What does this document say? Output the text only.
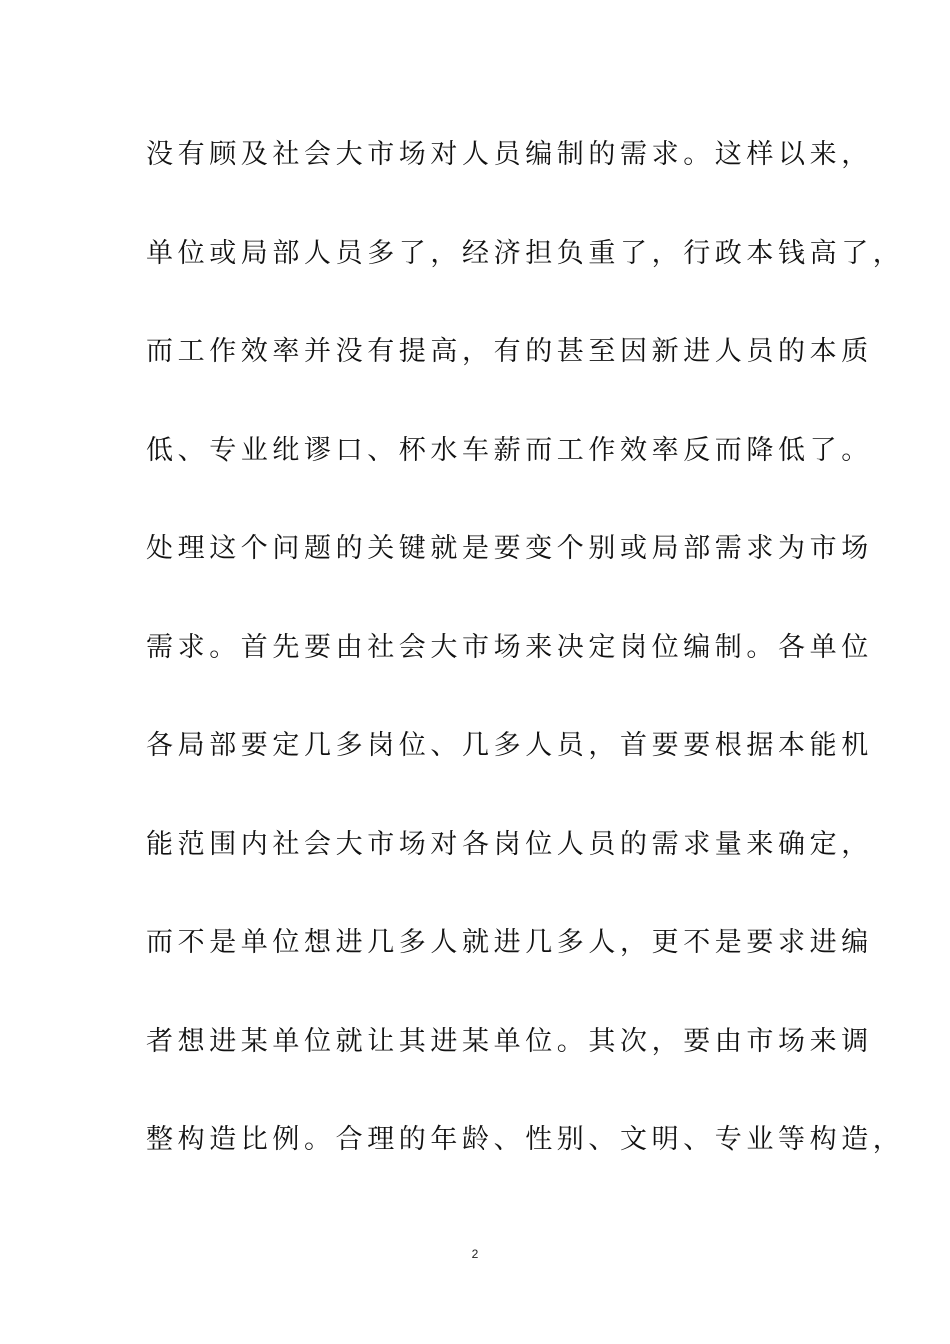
没有顾及社会大市场对人员编制的需求。这样以来，
单位或局部人员多了，经济担负重了，行政本钱高了，
而工作效率并没有提高，有的甚至因新进人员的本质
低、专业纰谬口、杯水车薪而工作效率反而降低了。
处理这个问题的关键就是要变个别或局部需求为市场
需求。首先要由社会大市场来决定岗位编制。各单位
各局部要定几多岗位、几多人员，首要要根据本能机
能范围内社会大市场对各岗位人员的需求量来确定，
而不是单位想进几多人就进几多人，更不是要求进编
者想进某单位就让其进某单位。其次，要由市场来调
整构造比例。合理的年龄、性别、文明、专业等构造，
2
